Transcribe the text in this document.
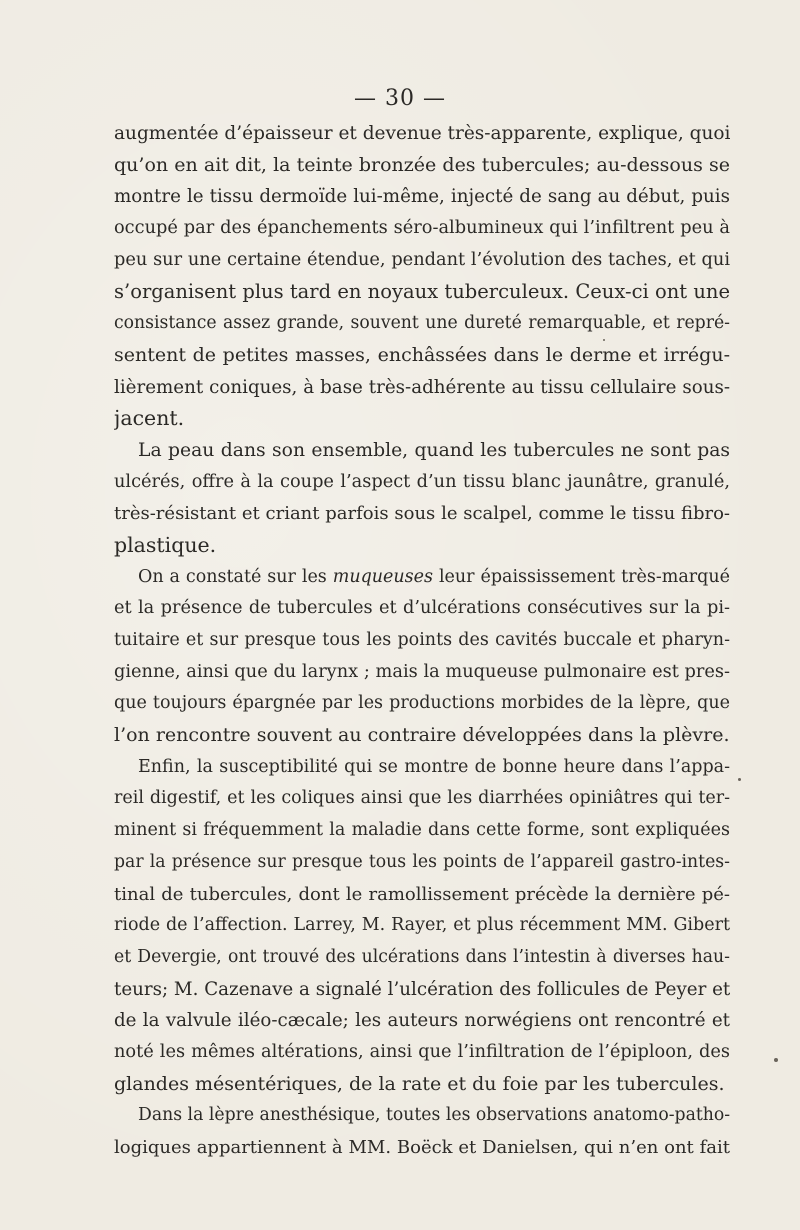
— 30 —
augmentée d’épaisseur et devenue très-apparente, explique, quoi
qu’on en ait dit, la teinte bronzée des tubercules; au-dessous se
montre le tissu dermoïde lui-même, injecté de sang au début, puis
occupé par des épanchements séro-albumineux qui l’infiltrent peu à
peu sur une certaine étendue, pendant l’évolution des taches, et qui
s’organisent plus tard en noyaux tuberculeux. Ceux-ci ont une
consistance assez grande, souvent une dureté remarquable, et repré-
sentent de petites masses, enchâssées dans le derme et irrégu-
lièrement coniques, à base très-adhérente au tissu cellulaire sous-
jacent.
La peau dans son ensemble, quand les tubercules ne sont pas
ulcérés, offre à la coupe l’aspect d’un tissu blanc jaunâtre, granulé,
très-résistant et criant parfois sous le scalpel, comme le tissu fibro-
plastique.
On a constaté sur les muqueuses leur épaississement très-marqué
et la présence de tubercules et d’ulcérations consécutives sur la pi-
tuitaire et sur presque tous les points des cavités buccale et pharyn-
gienne, ainsi que du larynx ; mais la muqueuse pulmonaire est pres-
que toujours épargnée par les productions morbides de la lèpre, que
l’on rencontre souvent au contraire développées dans la plèvre.
Enfin, la susceptibilité qui se montre de bonne heure dans l’appa-
reil digestif, et les coliques ainsi que les diarrhées opiniâtres qui ter-
minent si fréquemment la maladie dans cette forme, sont expliquées
par la présence sur presque tous les points de l’appareil gastro-intes-
tinal de tubercules, dont le ramollissement précède la dernière pé-
riode de l’affection. Larrey, M. Rayer, et plus récemment MM. Gibert
et Devergie, ont trouvé des ulcérations dans l’intestin à diverses hau-
teurs; M. Cazenave a signalé l’ulcération des follicules de Peyer et
de la valvule iléo-cæcale; les auteurs norwégiens ont rencontré et
noté les mêmes altérations, ainsi que l’infiltration de l’épiploon, des
glandes mésentériques, de la rate et du foie par les tubercules.
Dans la lèpre anesthésique, toutes les observations anatomo-patho-
logiques appartiennent à MM. Boëck et Danielsen, qui n’en ont fait
